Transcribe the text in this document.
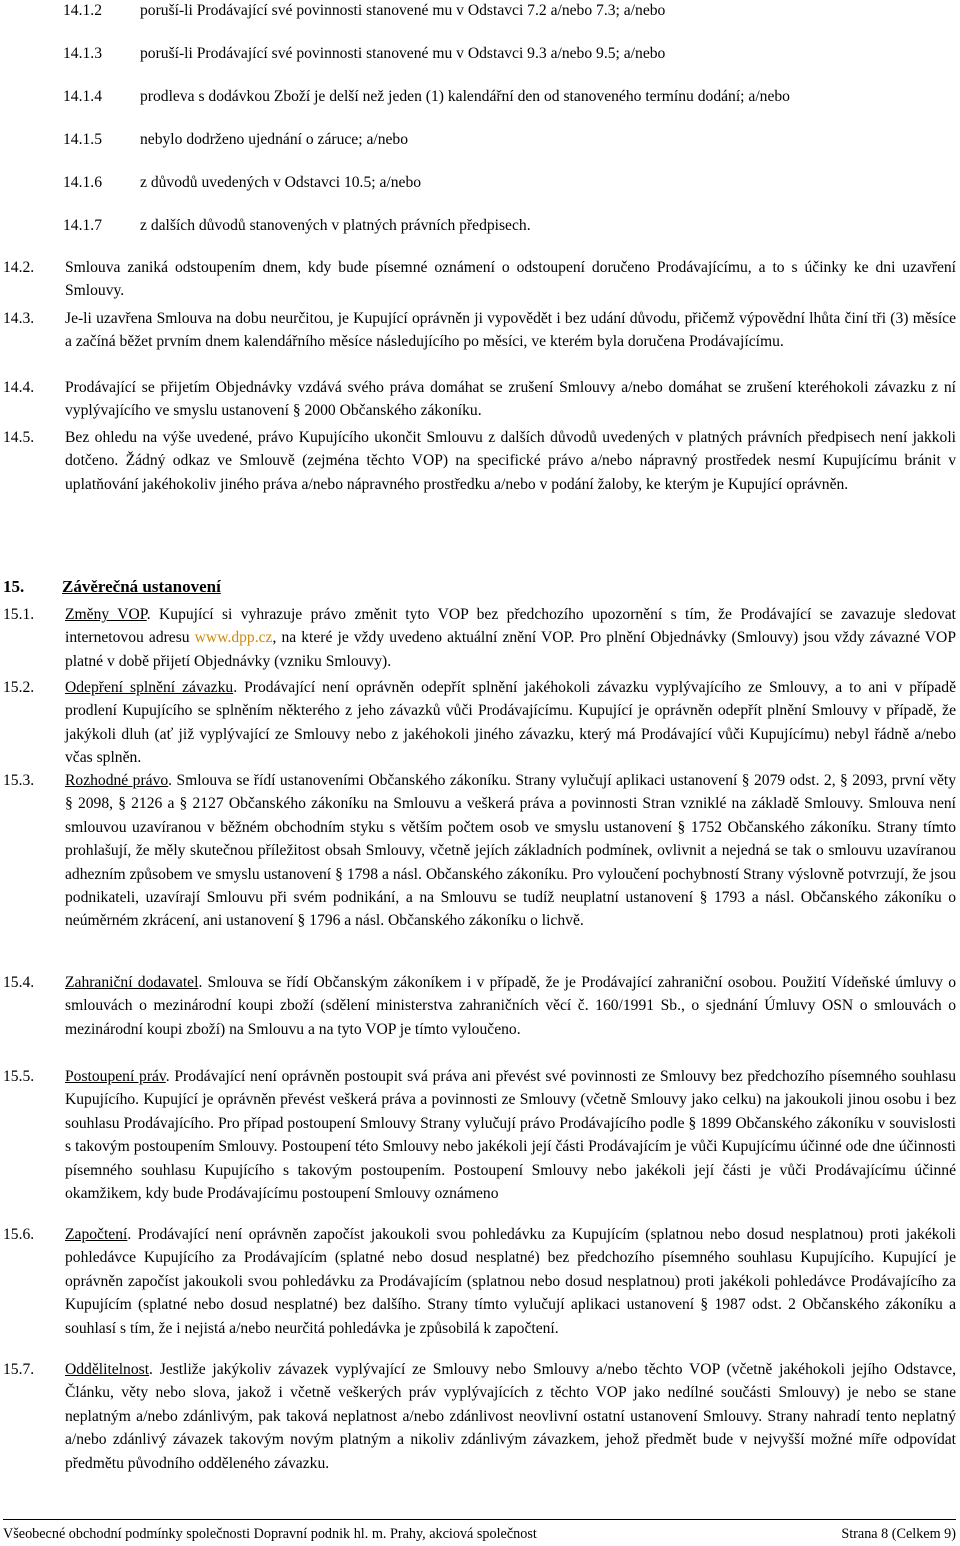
14.1.2 poruší-li Prodávající své povinnosti stanovené mu v Odstavci 7.2 a/nebo 7.3; a/nebo
14.1.3 poruší-li Prodávající své povinnosti stanovené mu v Odstavci 9.3 a/nebo 9.5; a/nebo
14.1.4 prodleva s dodávkou Zboží je delší než jeden (1) kalendářní den od stanoveného termínu dodání; a/nebo
14.1.5 nebylo dodrženo ujednání o záruce; a/nebo
14.1.6 z důvodů uvedených v Odstavci 10.5; a/nebo
14.1.7 z dalších důvodů stanovených v platných právních předpisech.
14.2. Smlouva zaniká odstoupením dnem, kdy bude písemné oznámení o odstoupení doručeno Prodávajícímu, a to s účinky ke dni uzavření Smlouvy.
14.3. Je-li uzavřena Smlouva na dobu neurčitou, je Kupující oprávněn ji vypovědět i bez udání důvodu, přičemž výpovědní lhůta činí tři (3) měsíce a začíná běžet prvním dnem kalendářního měsíce následujícího po měsíci, ve kterém byla doručena Prodávajícímu.
14.4. Prodávající se přijetím Objednávky vzdává svého práva domáhat se zrušení Smlouvy a/nebo domáhat se zrušení kteréhokoli závazku z ní vyplývajícího ve smyslu ustanovení § 2000 Občanského zákoníku.
14.5. Bez ohledu na výše uvedené, právo Kupujícího ukončit Smlouvu z dalších důvodů uvedených v platných právních předpisech není jakkoli dotčeno. Žádný odkaz ve Smlouvě (zejména těchto VOP) na specifické právo a/nebo nápravný prostředek nesmí Kupujícímu bránit v uplatňování jakéhokoliv jiného práva a/nebo nápravného prostředku a/nebo v podání žaloby, ke kterým je Kupující oprávněn.
15. Závěrečná ustanovení
15.1. Změny VOP. Kupující si vyhrazuje právo změnit tyto VOP bez předchozího upozornění s tím, že Prodávající se zavazuje sledovat internetovou adresu www.dpp.cz, na které je vždy uvedeno aktuální znění VOP. Pro plnění Objednávky (Smlouvy) jsou vždy závazné VOP platné v době přijetí Objednávky (vzniku Smlouvy).
15.2. Odepření splnění závazku. Prodávající není oprávněn odepřít splnění jakéhokoli závazku vyplývajícího ze Smlouvy, a to ani v případě prodlení Kupujícího se splněním některého z jeho závazků vůči Prodávajícímu. Kupující je oprávněn odepřít plnění Smlouvy v případě, že jakýkoli dluh (ať již vyplývající ze Smlouvy nebo z jakéhokoli jiného závazku, který má Prodávající vůči Kupujícímu) nebyl řádně a/nebo včas splněn.
15.3. Rozhodné právo. Smlouva se řídí ustanoveními Občanského zákoníku. Strany vylučují aplikaci ustanovení § 2079 odst. 2, § 2093, první věty § 2098, § 2126 a § 2127 Občanského zákoníku na Smlouvu a veškerá práva a povinnosti Stran vzniklé na základě Smlouvy. Smlouva není smlouvou uzavíranou v běžném obchodním styku s větším počtem osob ve smyslu ustanovení § 1752 Občanského zákoníku. Strany tímto prohlašují, že měly skutečnou příležitost obsah Smlouvy, včetně jejích základních podmínek, ovlivnit a nejedná se tak o smlouvu uzavíranou adhezním způsobem ve smyslu ustanovení § 1798 a násl. Občanského zákoníku. Pro vyloučení pochybností Strany výslovně potvrzují, že jsou podnikateli, uzavírají Smlouvu při svém podnikání, a na Smlouvu se tudíž neuplatní ustanovení § 1793 a násl. Občanského zákoníku o neúměrném zkrácení, ani ustanovení § 1796 a násl. Občanského zákoníku o lichvě.
15.4. Zahraniční dodavatel. Smlouva se řídí Občanským zákoníkem i v případě, že je Prodávající zahraniční osobou. Použití Vídeňské úmluvy o smlouvách o mezinárodní koupi zboží (sdělení ministerstva zahraničních věcí č. 160/1991 Sb., o sjednání Úmluvy OSN o smlouvách o mezinárodní koupi zboží) na Smlouvu a na tyto VOP je tímto vyloučeno.
15.5. Postoupení práv. Prodávající není oprávněn postoupit svá práva ani převést své povinnosti ze Smlouvy bez předchozího písemného souhlasu Kupujícího. Kupující je oprávněn převést veškerá práva a povinnosti ze Smlouvy (včetně Smlouvy jako celku) na jakoukoli jinou osobu i bez souhlasu Prodávajícího. Pro případ postoupení Smlouvy Strany vylučují právo Prodávajícího podle § 1899 Občanského zákoníku v souvislosti s takovým postoupením Smlouvy. Postoupení této Smlouvy nebo jakékoli její části Prodávajícím je vůči Kupujícímu účinné ode dne účinnosti písemného souhlasu Kupujícího s takovým postoupením. Postoupení Smlouvy nebo jakékoli její části je vůči Prodávajícímu účinné okamžikem, kdy bude Prodávajícímu postoupení Smlouvy oznámeno
15.6. Započtení. Prodávající není oprávněn započíst jakoukoli svou pohledávku za Kupujícím (splatnou nebo dosud nesplatnou) proti jakékoli pohledávce Kupujícího za Prodávajícím (splatné nebo dosud nesplatné) bez předchozího písemného souhlasu Kupujícího. Kupující je oprávněn započíst jakoukoli svou pohledávku za Prodávajícím (splatnou nebo dosud nesplatnou) proti jakékoli pohledávce Prodávajícího za Kupujícím (splatné nebo dosud nesplatné) bez dalšího. Strany tímto vylučují aplikaci ustanovení § 1987 odst. 2 Občanského zákoníku a souhlasí s tím, že i nejistá a/nebo neurčitá pohledávka je způsobilá k započtení.
15.7. Oddělitelnost. Jestliže jakýkoliv závazek vyplývající ze Smlouvy nebo Smlouvy a/nebo těchto VOP (včetně jakéhokoli jejího Odstavce, Článku, věty nebo slova, jakož i včetně veškerých práv vyplývajících z těchto VOP jako nedílné součásti Smlouvy) je nebo se stane neplatným a/nebo zdánlivým, pak taková neplatnost a/nebo zdánlivost neovlivní ostatní ustanovení Smlouvy. Strany nahradí tento neplatný a/nebo zdánlivý závazek takovým novým platným a nikoliv zdánlivým závazkem, jehož předmět bude v nejvyšší možné míře odpovídat předmětu původního odděleného závazku.
Všeobecné obchodní podmínky společnosti Dopravní podnik hl. m. Prahy, akciová společnost	Strana 8 (Celkem 9)
